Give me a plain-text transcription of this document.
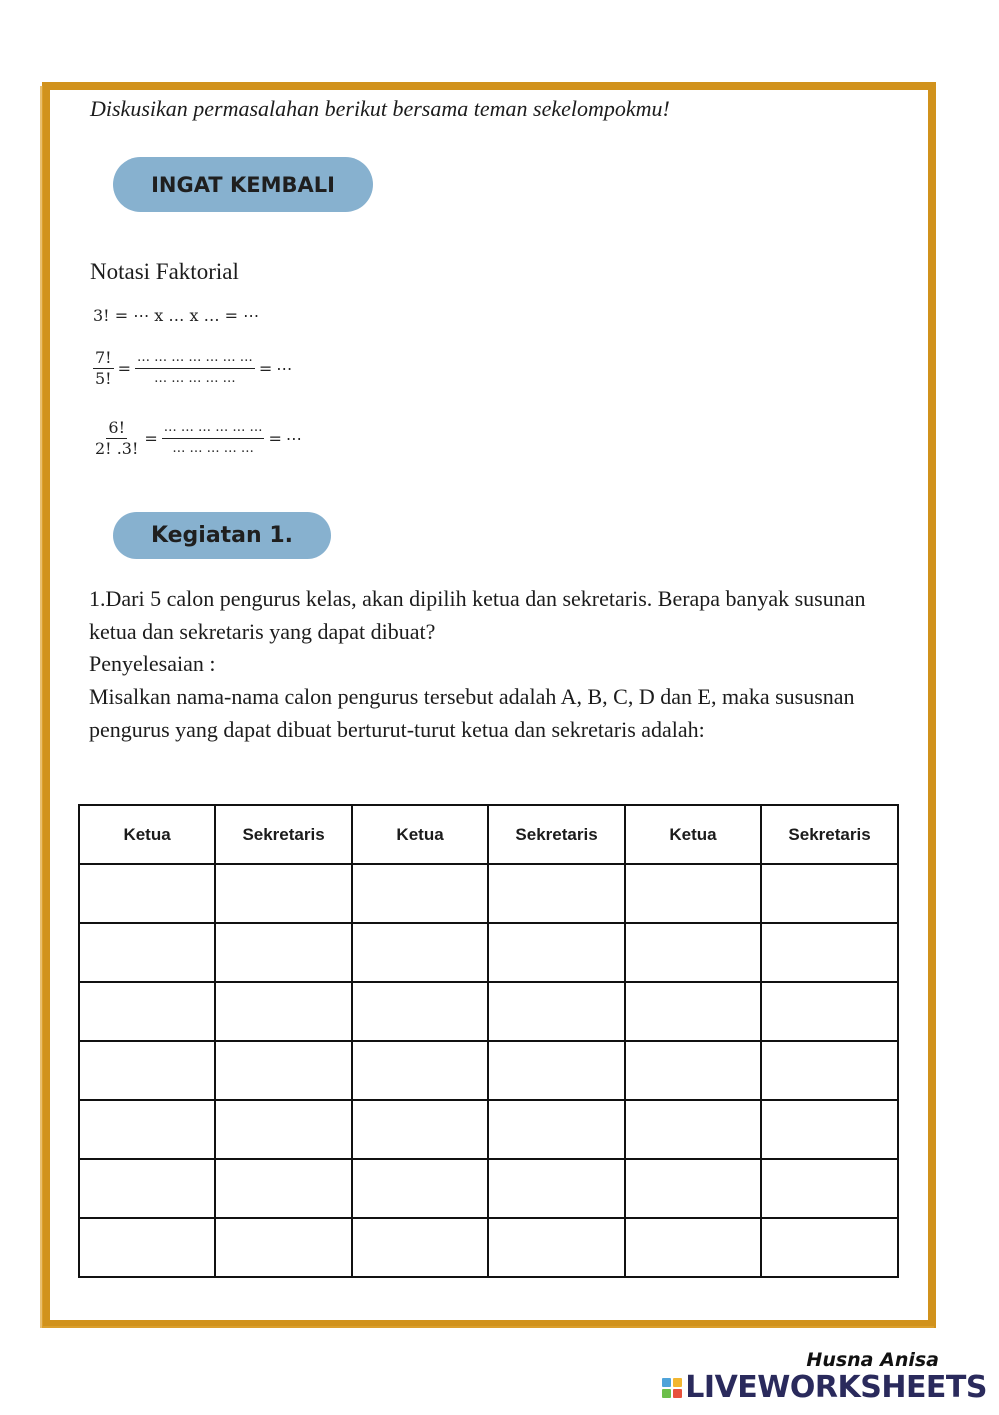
Diskusikan permasalahan berikut bersama teman sekelompokmu!

INGAT KEMBALI

Notasi Faktorial

3! = ⋯ x … x … = ⋯
$\frac{7!}{5!} = \frac{\dots \dots \dots \dots \dots \dots \dots}{\dots \dots \dots \dots \dots}$ = ⋯
$\frac{6!}{2! .3!} = \frac{\dots \dots \dots \dots \dots \dots}{\dots \dots \dots \dots \dots}$ = ⋯
Kegiatan 1.

1.Dari 5 calon pengurus kelas, akan dipilih ketua dan sekretaris. Berapa banyak susunan ketua dan sekretaris yang dapat dibuat?

Penyelesaian :

Misalkan nama-nama calon pengurus tersebut adalah A, B, C, D dan E, maka sususnan pengurus yang dapat dibuat berturut-turut ketua dan sekretaris adalah:

Ketua	Sekretaris	Ketua	Sekretaris	Ketua	Sekretaris

Husna Anisa
LIVEWORKSHEETS
